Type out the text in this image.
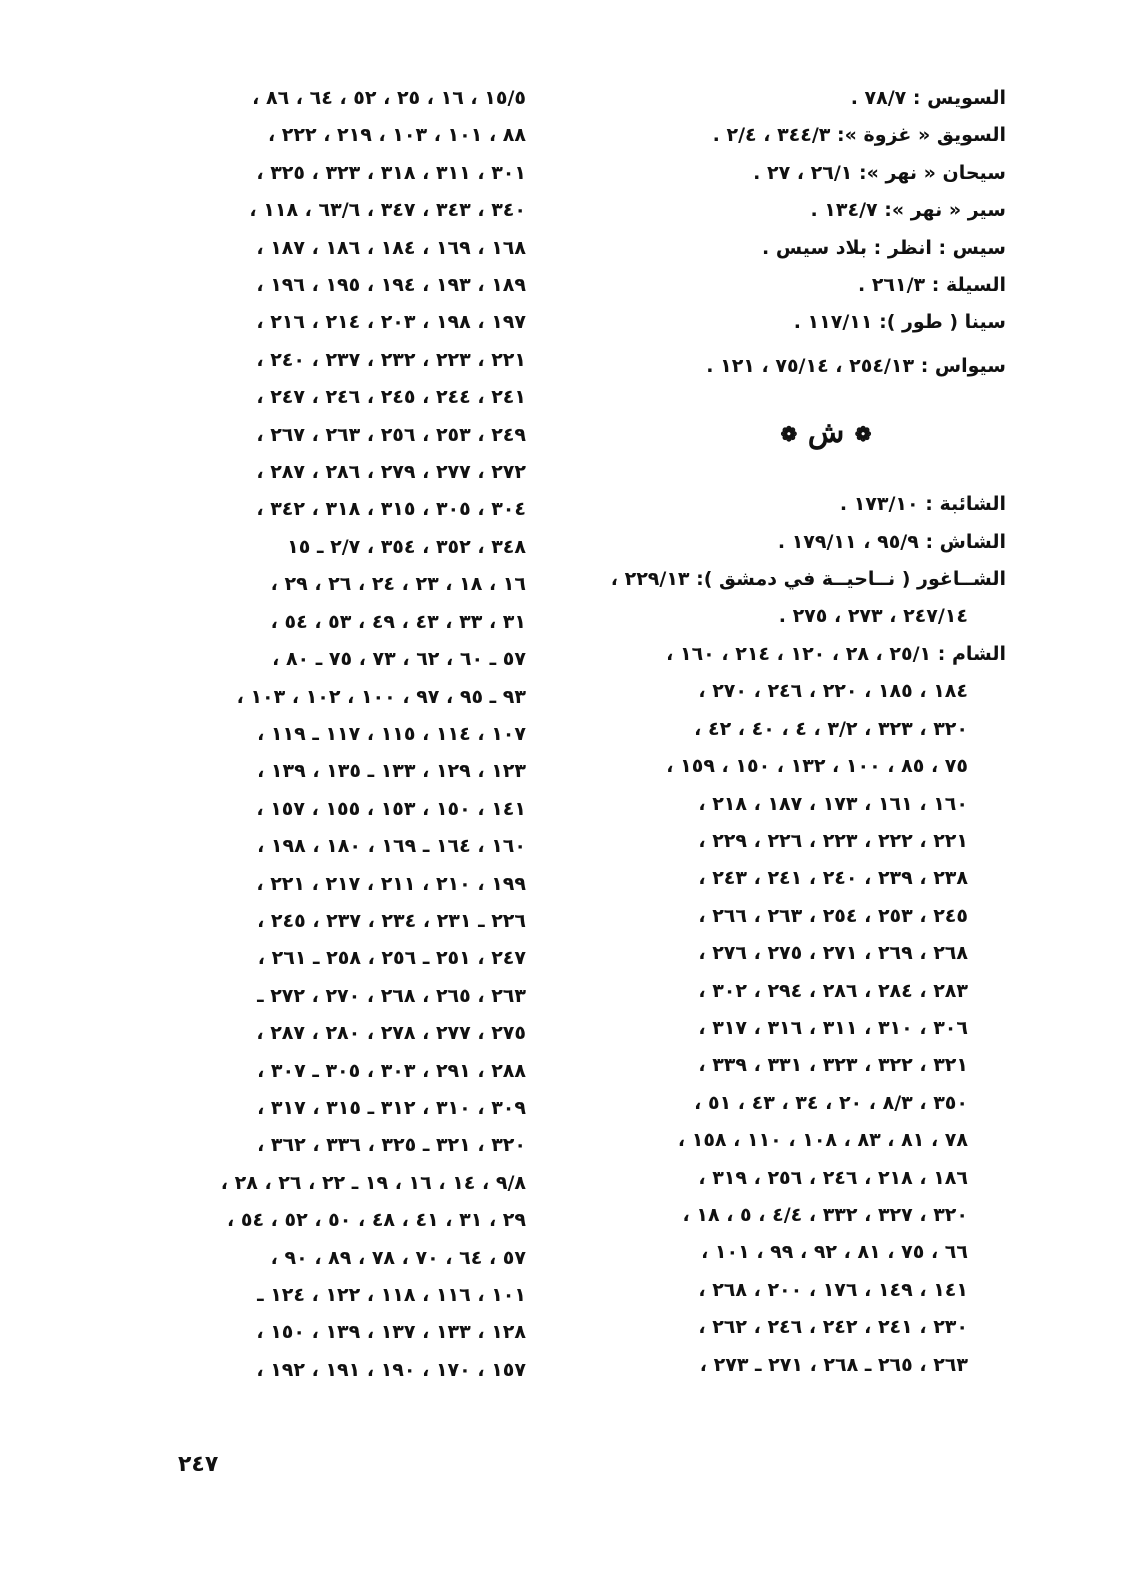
السويس : ٧٨/٧ .
السويق « غزوة »: ٣٤٤/٣ ، ٢/٤ .
سيحان « نهر »: ٢٦/١ ، ٢٧ .
سير « نهر »: ١٣٤/٧ .
سيس : انظر : بلاد سيس .
السيلة : ٢٦١/٣ .
سينا ( طور ): ١١٧/١١ .
سيواس : ٢٥٤/١٣ ، ٧٥/١٤ ، ١٢١ .
❁ ش ❁
الشائبة : ١٧٣/١٠ .
الشاش : ٩٥/٩ ، ١٧٩/١١ .
الشــاغور ( نــاحيــة في دمشق ): ٢٢٩/١٣ ،
٢٤٧/١٤ ، ٢٧٣ ، ٢٧٥ .
الشام : ٢٥/١ ، ٢٨ ، ١٢٠ ، ٢١٤ ، ١٦٠ ،
١٨٤ ، ١٨٥ ، ٢٢٠ ، ٢٤٦ ، ٢٧٠ ،
٣٢٠ ، ٣٢٣ ، ٣/٢ ، ٤ ، ٤٠ ، ٤٢ ،
٧٥ ، ٨٥ ، ١٠٠ ، ١٣٢ ، ١٥٠ ، ١٥٩ ،
١٦٠ ، ١٦١ ، ١٧٣ ، ١٨٧ ، ٢١٨ ،
٢٢١ ، ٢٢٢ ، ٢٢٣ ، ٢٢٦ ، ٢٢٩ ،
٢٣٨ ، ٢٣٩ ، ٢٤٠ ، ٢٤١ ، ٢٤٣ ،
٢٤٥ ، ٢٥٣ ، ٢٥٤ ، ٢٦٣ ، ٢٦٦ ،
٢٦٨ ، ٢٦٩ ، ٢٧١ ، ٢٧٥ ، ٢٧٦ ،
٢٨٣ ، ٢٨٤ ، ٢٨٦ ، ٢٩٤ ، ٣٠٢ ،
٣٠٦ ، ٣١٠ ، ٣١١ ، ٣١٦ ، ٣١٧ ،
٣٢١ ، ٣٢٢ ، ٣٢٣ ، ٣٣١ ، ٣٣٩ ،
٣٥٠ ، ٨/٣ ، ٢٠ ، ٣٤ ، ٤٣ ، ٥١ ،
٧٨ ، ٨١ ، ٨٣ ، ١٠٨ ، ١١٠ ، ١٥٨ ،
١٨٦ ، ٢١٨ ، ٢٤٦ ، ٢٥٦ ، ٣١٩ ،
٣٢٠ ، ٣٢٧ ، ٣٣٢ ، ٤/٤ ، ٥ ، ١٨ ،
٦٦ ، ٧٥ ، ٨١ ، ٩٢ ، ٩٩ ، ١٠١ ،
١٤١ ، ١٤٩ ، ١٧٦ ، ٢٠٠ ، ٢٦٨ ،
٢٣٠ ، ٢٤١ ، ٢٤٢ ، ٢٤٦ ، ٢٦٢ ،
٢٦٣ ، ٢٦٥ ـ ٢٦٨ ، ٢٧١ ـ ٢٧٣ ،
١٥/٥ ، ١٦ ، ٢٥ ، ٥٢ ، ٦٤ ، ٨٦ ،
٨٨ ، ١٠١ ، ١٠٣ ، ٢١٩ ، ٢٢٢ ،
٣٠١ ، ٣١١ ، ٣١٨ ، ٣٢٣ ، ٣٢٥ ،
٣٤٠ ، ٣٤٣ ، ٣٤٧ ، ٦٣/٦ ، ١١٨ ،
١٦٨ ، ١٦٩ ، ١٨٤ ، ١٨٦ ، ١٨٧ ،
١٨٩ ، ١٩٣ ، ١٩٤ ، ١٩٥ ، ١٩٦ ،
١٩٧ ، ١٩٨ ، ٢٠٣ ، ٢١٤ ، ٢١٦ ،
٢٢١ ، ٢٢٣ ، ٢٣٢ ، ٢٣٧ ، ٢٤٠ ،
٢٤١ ، ٢٤٤ ، ٢٤٥ ، ٢٤٦ ، ٢٤٧ ،
٢٤٩ ، ٢٥٣ ، ٢٥٦ ، ٢٦٣ ، ٢٦٧ ،
٢٧٢ ، ٢٧٧ ، ٢٧٩ ، ٢٨٦ ، ٢٨٧ ،
٣٠٤ ، ٣٠٥ ، ٣١٥ ، ٣١٨ ، ٣٤٢ ،
٣٤٨ ، ٣٥٢ ، ٣٥٤ ، ٢/٧ ـ ١٥
١٦ ، ١٨ ، ٢٣ ، ٢٤ ، ٢٦ ، ٢٩ ،
٣١ ، ٣٣ ، ٤٣ ، ٤٩ ، ٥٣ ، ٥٤ ،
٥٧ ـ ٦٠ ، ٦٢ ، ٧٣ ، ٧٥ ـ ٨٠ ،
٩٣ ـ ٩٥ ، ٩٧ ، ١٠٠ ، ١٠٢ ، ١٠٣ ،
١٠٧ ، ١١٤ ، ١١٥ ، ١١٧ ـ ١١٩ ،
١٢٣ ، ١٢٩ ، ١٣٣ ـ ١٣٥ ، ١٣٩ ،
١٤١ ، ١٥٠ ، ١٥٣ ، ١٥٥ ، ١٥٧ ،
١٦٠ ، ١٦٤ ـ ١٦٩ ، ١٨٠ ، ١٩٨ ،
١٩٩ ، ٢١٠ ، ٢١١ ، ٢١٧ ، ٢٢١ ،
٢٢٦ ـ ٢٣١ ، ٢٣٤ ، ٢٣٧ ، ٢٤٥ ،
٢٤٧ ، ٢٥١ ـ ٢٥٦ ، ٢٥٨ ـ ٢٦١ ،
٢٦٣ ، ٢٦٥ ، ٢٦٨ ، ٢٧٠ ، ٢٧٢ ـ
٢٧٥ ، ٢٧٧ ، ٢٧٨ ، ٢٨٠ ، ٢٨٧ ،
٢٨٨ ، ٢٩١ ، ٣٠٣ ، ٣٠٥ ـ ٣٠٧ ،
٣٠٩ ، ٣١٠ ، ٣١٢ ـ ٣١٥ ، ٣١٧ ،
٣٢٠ ، ٣٢١ ـ ٣٢٥ ، ٣٣٦ ، ٣٦٢ ،
٩/٨ ، ١٤ ، ١٦ ، ١٩ ـ ٢٢ ، ٢٦ ، ٢٨ ،
٢٩ ، ٣١ ، ٤١ ، ٤٨ ، ٥٠ ، ٥٢ ، ٥٤ ،
٥٧ ، ٦٤ ، ٧٠ ، ٧٨ ، ٨٩ ، ٩٠ ،
١٠١ ، ١١٦ ، ١١٨ ، ١٢٢ ، ١٢٤ ـ
١٢٨ ، ١٣٣ ، ١٣٧ ، ١٣٩ ، ١٥٠ ،
١٥٧ ، ١٧٠ ، ١٩٠ ، ١٩١ ، ١٩٢ ،
٢٤٧
